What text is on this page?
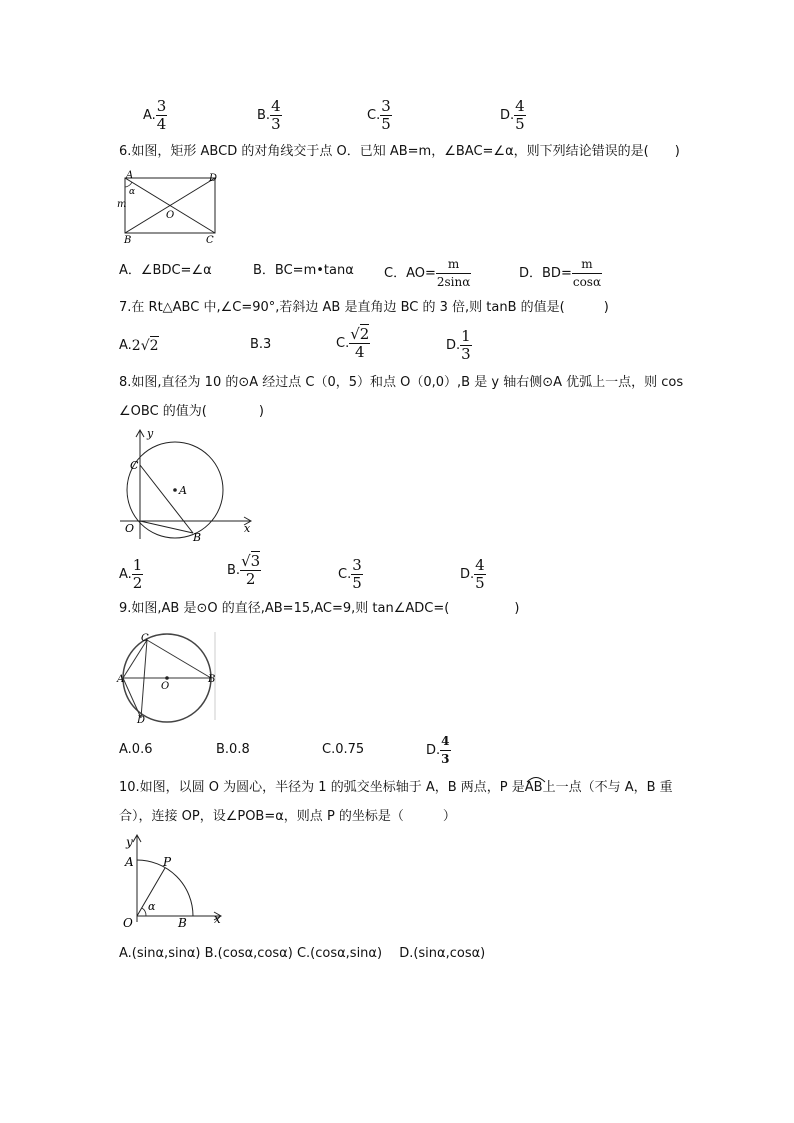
A. $\frac{3}{4}$	B. $\frac{4}{3}$	C. $\frac{3}{5}$	D. $\frac{4}{5}$
6.如图，矩形 ABCD 的对角线交于点 O．已知 AB=m，∠BAC=∠α，则下列结论错误的是(　　)
A	D
B	C
O
m
α
A．∠BDC=∠α	B．BC=m•tanα C．$AO= \frac{m}{2\sin\alpha}$	D．$BD= \frac{m}{\cos\alpha}$
7.在 Rt△ABC 中,∠C=90°,若斜边 AB 是直角边 BC 的 3 倍,则 tanB 的值是(　　　)
A.2√2	B.3	C. $\frac{√2}{4}$	D. $\frac{1}{3}$
8.如图,直径为 10 的⊙A 经过点 C（0，5）和点 O（0,0）,B 是 y 轴右侧⊙A 优弧上一点，则 cos
∠OBC 的值为(　　　　)
y
x
C
A
O
B
A. $\frac{1}{2}$	B. $\frac{√3}{2}$	C. $\frac{3}{5}$	D. $\frac{4}{5}$
9.如图,AB 是⊙O 的直径,AB=15,AC=9,则 tan∠ADC=(　　　　　)
C
A
O
B
D
A.0.6	B.0.8	C.0.75	D. $\frac{4}{3}$
10.如图，以圆 O 为圆心，半径为 1 的弧交坐标轴于 A，B 两点，P 是
AB上一点（不与 A，B 重
合），连接 OP，设∠POB=α，则点 P 的坐标是（　　　）
y
x
A P
O	B
α
A.(sinα,sinα) B.(cosα,cosα) C.(cosα,sinα)　 D.(sinα,cosα)
